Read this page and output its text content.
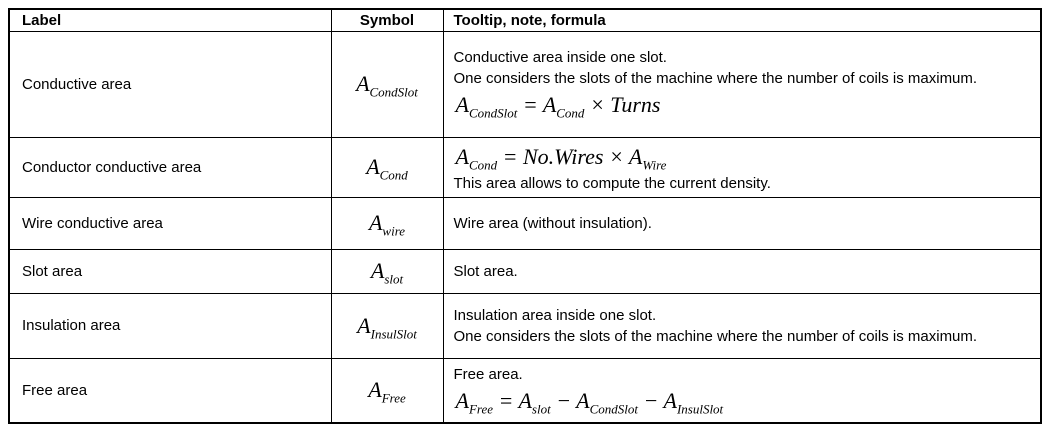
Label	Symbol	Tooltip, note, formula
Conductive area	$A_{CondSlot}$	Conductive area inside one slot.
One considers the slots of the machine where the number of coils is maximum.
$A_{CondSlot} = A_{Cond}$ × Turns

Conductor conductive area	$A_{Cond}$	$A_{Cond}$ = No.Wires × $A_{Wire}$
This area allows to compute the current density.

Wire conductive area	$A_{wire}$	Wire area (without insulation).

Slot area	$A_{slot}$	Slot area.

Insulation area	$A_{InsulSlot}$	Insulation area inside one slot.
One considers the slots of the machine where the number of coils is maximum.

Free area	$A_{Free}$	Free area.
$A_{Free} = A_{slot} - A_{CondSlot} - A_{InsulSlot}$
